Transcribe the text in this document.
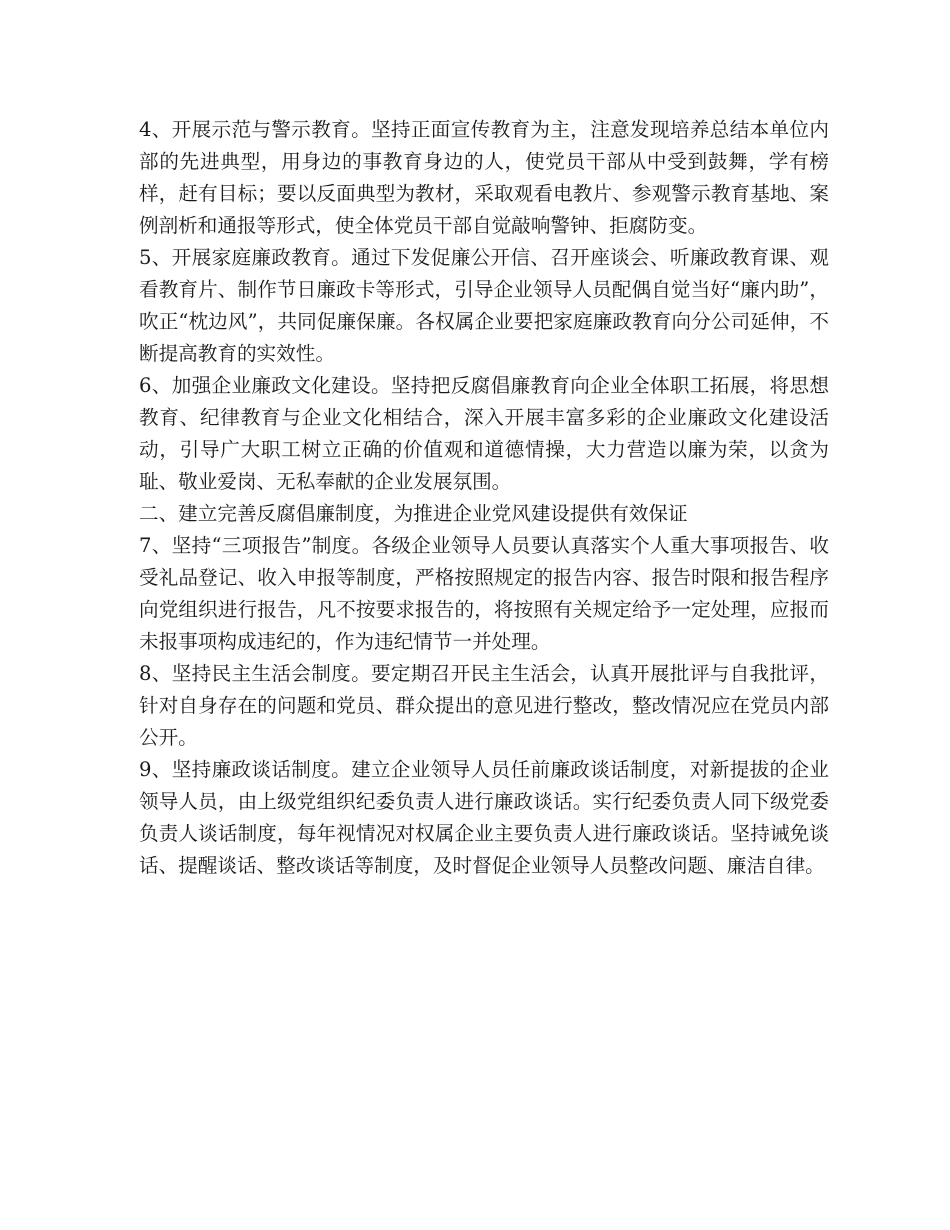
4、开展示范与警示教育。坚持正面宣传教育为主，注意发现培养总结本单位内部的先进典型，用身边的事教育身边的人，使党员干部从中受到鼓舞，学有榜样，赶有目标；要以反面典型为教材，采取观看电教片、参观警示教育基地、案例剖析和通报等形式，使全体党员干部自觉敲响警钟、拒腐防变。

5、开展家庭廉政教育。通过下发促廉公开信、召开座谈会、听廉政教育课、观看教育片、制作节日廉政卡等形式，引导企业领导人员配偶自觉当好“廉内助”，吹正“枕边风”，共同促廉保廉。各权属企业要把家庭廉政教育向分公司延伸，不断提高教育的实效性。

6、加强企业廉政文化建设。坚持把反腐倡廉教育向企业全体职工拓展，将思想教育、纪律教育与企业文化相结合，深入开展丰富多彩的企业廉政文化建设活动，引导广大职工树立正确的价值观和道德情操，大力营造以廉为荣，以贪为耻、敬业爱岗、无私奉献的企业发展氛围。

二、建立完善反腐倡廉制度，为推进企业党风建设提供有效保证

7、坚持“三项报告”制度。各级企业领导人员要认真落实个人重大事项报告、收受礼品登记、收入申报等制度，严格按照规定的报告内容、报告时限和报告程序向党组织进行报告，凡不按要求报告的，将按照有关规定给予一定处理，应报而未报事项构成违纪的，作为违纪情节一并处理。

8、坚持民主生活会制度。要定期召开民主生活会，认真开展批评与自我批评，针对自身存在的问题和党员、群众提出的意见进行整改，整改情况应在党员内部公开。

9、坚持廉政谈话制度。建立企业领导人员任前廉政谈话制度，对新提拔的企业领导人员，由上级党组织纪委负责人进行廉政谈话。实行纪委负责人同下级党委负责人谈话制度，每年视情况对权属企业主要负责人进行廉政谈话。坚持诫免谈话、提醒谈话、整改谈话等制度，及时督促企业领导人员整改问题、廉洁自律。
